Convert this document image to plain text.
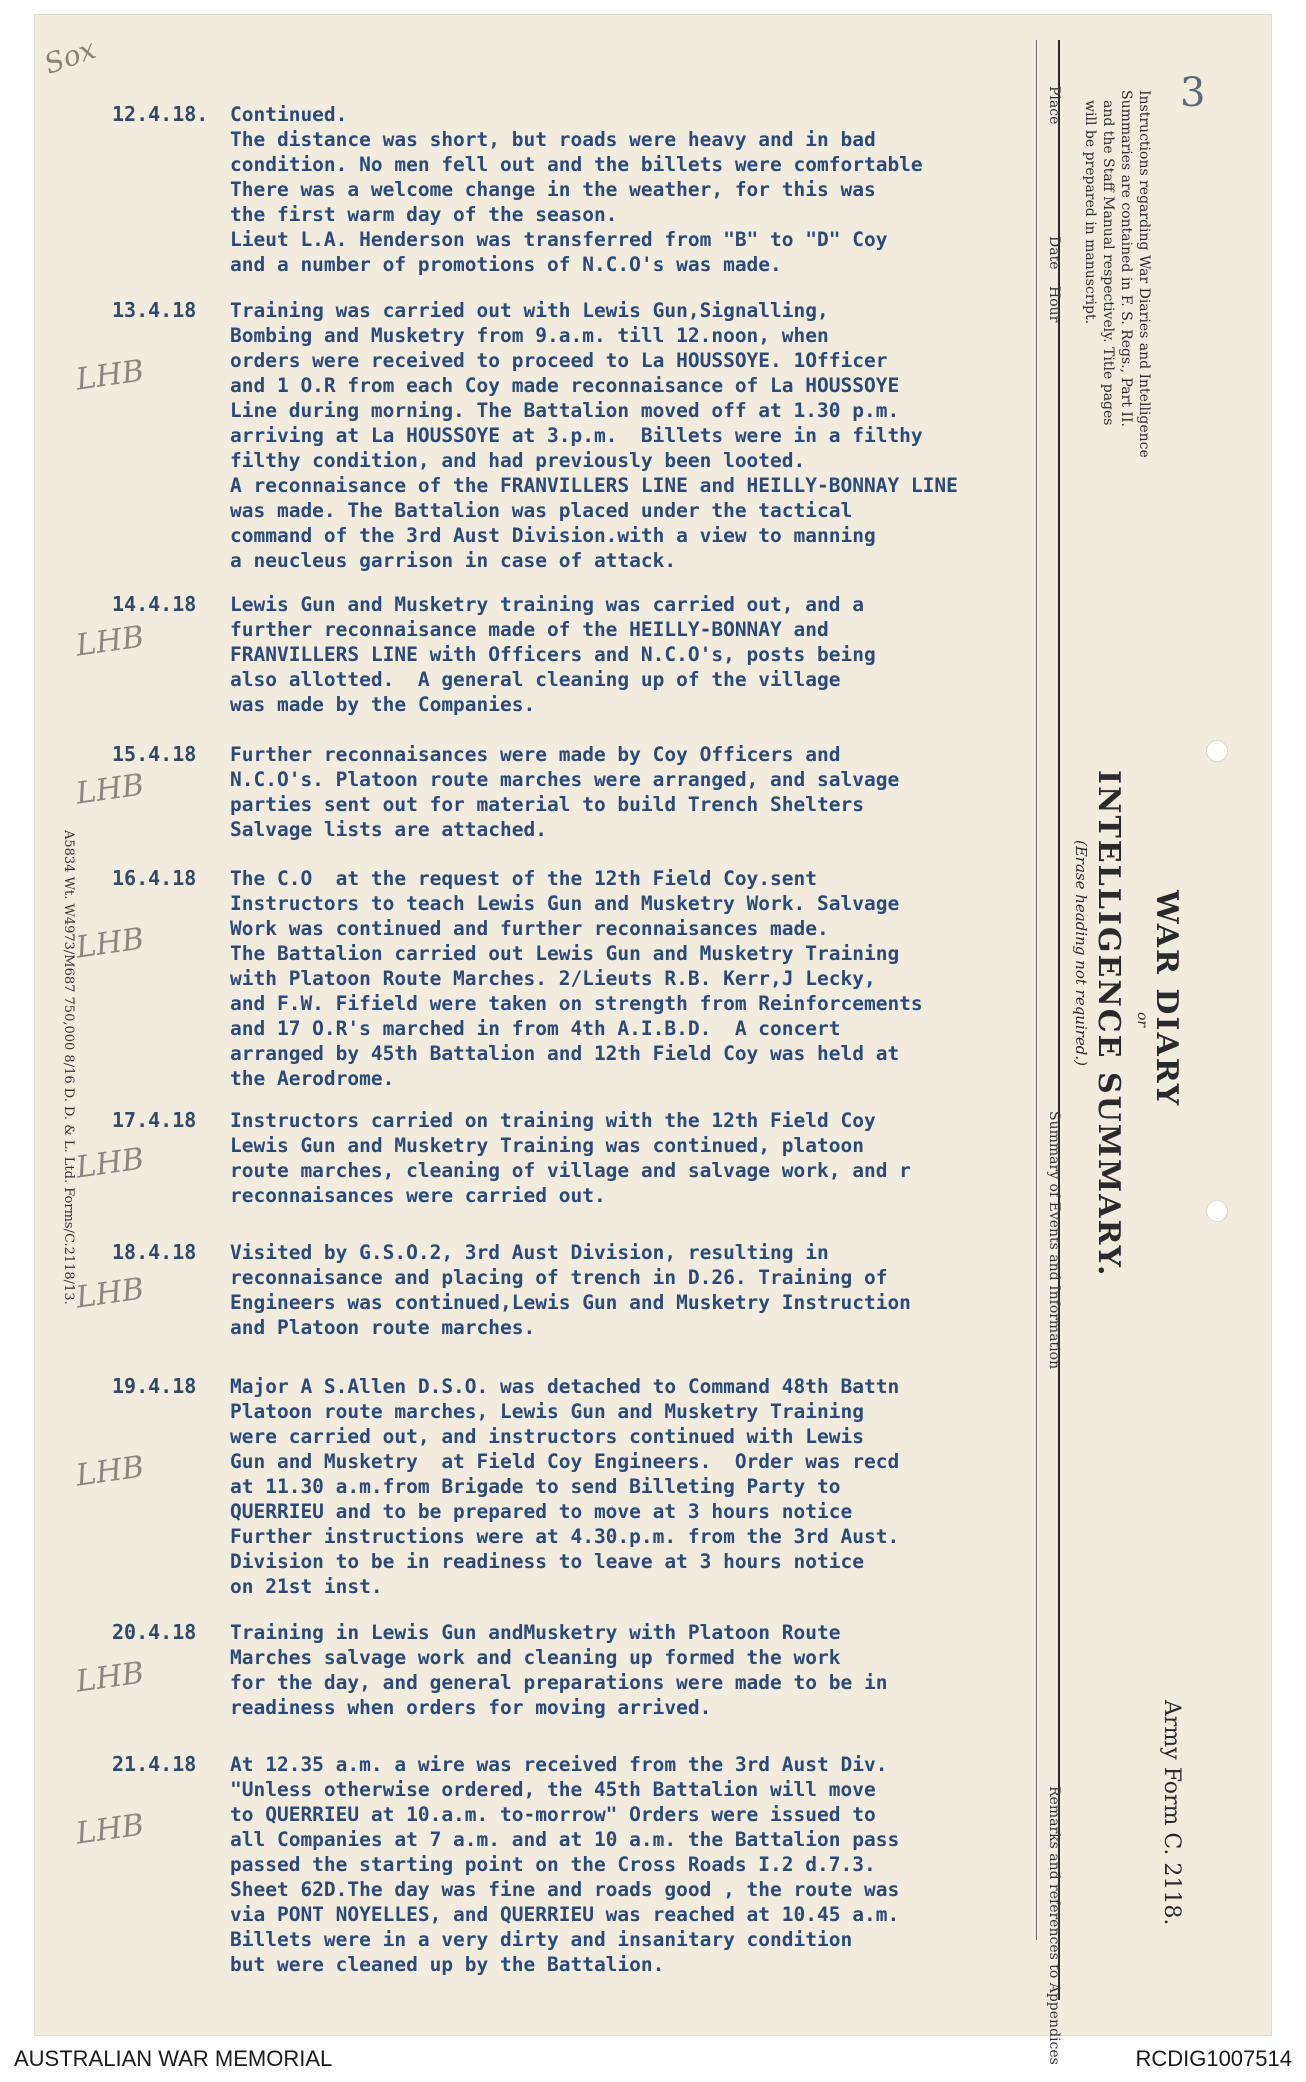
Sox
3
Place
Date
Hour
Summary of Events and Information
Remarks and references to Appendices
Instructions regarding War Diaries and Intelligence
Summaries are contained in F. S. Regs., Part II.
and the Staff Manual respectively. Title pages
will be prepared in manuscript.
WAR DIARY
or
INTELLIGENCE SUMMARY.
(Erase heading not required.)
Army Form C. 2118.
A5834 Wt. W4973/M687 750,000 8/16 D. D. & L. Ltd. Forms/C.2118/13.
12.4.18. Continued.
The distance was short, but roads were heavy and in bad
condition. No men fell out and the billets were comfortable
There was a welcome change in the weather, for this was
the first warm day of the season.
Lieut L.A. Henderson was transferred from "B" to "D" Coy
and a number of promotions of N.C.O's was made.
13.4.18
LHB
Training was carried out with Lewis Gun,Signalling,
Bombing and Musketry from 9.a.m. till 12.noon, when
orders were received to proceed to La HOUSSOYE. 1Officer
and 1 O.R from each Coy made reconnaisance of La HOUSSOYE
Line during morning. The Battalion moved off at 1.30 p.m.
arriving at La HOUSSOYE at 3.p.m.  Billets were in a filthy
filthy condition, and had previously been looted.
A reconnaisance of the FRANVILLERS LINE and HEILLY-BONNAY LINE
was made. The Battalion was placed under the tactical
command of the 3rd Aust Division.with a view to manning
a neucleus garrison in case of attack.
14.4.18
LHB
Lewis Gun and Musketry training was carried out, and a
further reconnaisance made of the HEILLY-BONNAY and
FRANVILLERS LINE with Officers and N.C.O's, posts being
also allotted.  A general cleaning up of the village
was made by the Companies.
15.4.18
LHB
Further reconnaisances were made by Coy Officers and
N.C.O's. Platoon route marches were arranged, and salvage
parties sent out for material to build Trench Shelters
Salvage lists are attached.
16.4.18
LHB
The C.O  at the request of the 12th Field Coy.sent
Instructors to teach Lewis Gun and Musketry Work. Salvage
Work was continued and further reconnaisances made.
The Battalion carried out Lewis Gun and Musketry Training
with Platoon Route Marches. 2/Lieuts R.B. Kerr,J Lecky,
and F.W. Fifield were taken on strength from Reinforcements
and 17 O.R's marched in from 4th A.I.B.D.  A concert
arranged by 45th Battalion and 12th Field Coy was held at
the Aerodrome.
17.4.18
LHB
Instructors carried on training with the 12th Field Coy
Lewis Gun and Musketry Training was continued, platoon
route marches, cleaning of village and salvage work, and r
reconnaisances were carried out.
18.4.18
LHB
Visited by G.S.O.2, 3rd Aust Division, resulting in
reconnaisance and placing of trench in D.26. Training of
Engineers was continued,Lewis Gun and Musketry Instruction
and Platoon route marches.
19.4.18
LHB
Major A S.Allen D.S.O. was detached to Command 48th Battn
Platoon route marches, Lewis Gun and Musketry Training
were carried out, and instructors continued with Lewis
Gun and Musketry  at Field Coy Engineers.  Order was recd
at 11.30 a.m.from Brigade to send Billeting Party to
QUERRIEU and to be prepared to move at 3 hours notice
Further instructions were at 4.30.p.m. from the 3rd Aust.
Division to be in readiness to leave at 3 hours notice
on 21st inst.
20.4.18
LHB
Training in Lewis Gun andMusketry with Platoon Route
Marches salvage work and cleaning up formed the work
for the day, and general preparations were made to be in
readiness when orders for moving arrived.
21.4.18
LHB
At 12.35 a.m. a wire was received from the 3rd Aust Div.
"Unless otherwise ordered, the 45th Battalion will move
to QUERRIEU at 10.a.m. to-morrow" Orders were issued to
all Companies at 7 a.m. and at 10 a.m. the Battalion pass
passed the starting point on the Cross Roads I.2 d.7.3.
Sheet 62D.The day was fine and roads good , the route was
via PONT NOYELLES, and QUERRIEU was reached at 10.45 a.m.
Billets were in a very dirty and insanitary condition
but were cleaned up by the Battalion.
AUSTRALIAN WAR MEMORIAL	RCDIG1007514
